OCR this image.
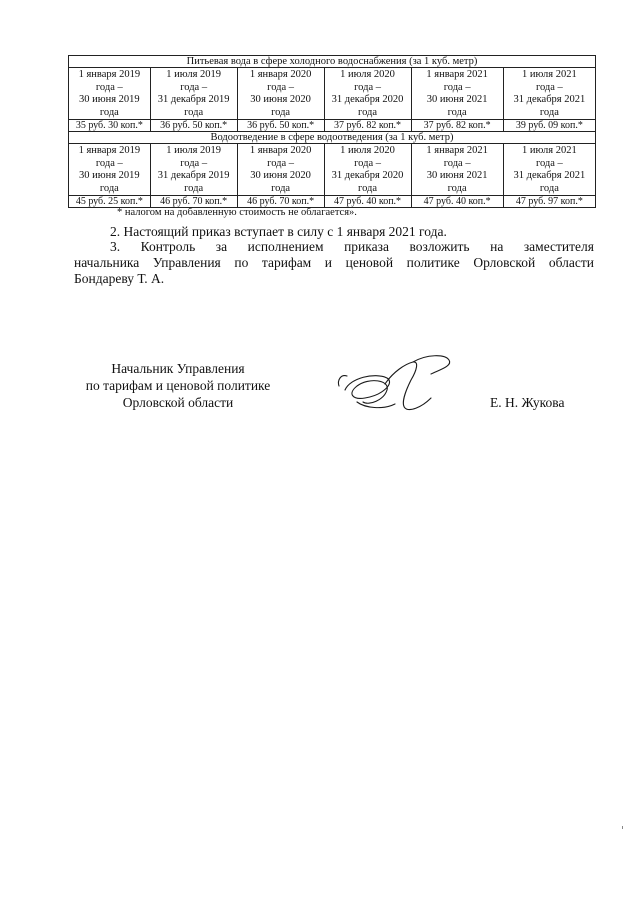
Питьевая вода в сфере холодного водоснабжения (за 1 куб. метр)					

1 января 2019
года –
30 июня 2019
года	1 июля 2019
года –
31 декабря 2019
года	1 января 2020
года –
30 июня 2020
года	1 июля 2020
года –
31 декабря 2020
года	1 января 2021
года –
30 июня 2021
года	1 июля 2021
года –
31 декабря 2021
года

35 руб. 30 коп.*	36 руб. 50 коп.*	36 руб. 50 коп.*	37 руб. 82 коп.*	37 руб. 82 коп.*	39 руб. 09 коп.*
Водоотведение в сфере водоотведения (за 1 куб. метр)					

1 января 2019
года –
30 июня 2019
года	1 июля 2019
года –
31 декабря 2019
года	1 января 2020
года –
30 июня 2020
года	1 июля 2020
года –
31 декабря 2020
года	1 января 2021
года –
30 июня 2021
года	1 июля 2021
года –
31 декабря 2021
года

45 руб. 25 коп.*	46 руб. 70 коп.*	46 руб. 70 коп.*	47 руб. 40 коп.*	47 руб. 40 коп.*	47 руб. 97 коп.*
* налогом на добавленную стоимость не облагается».
2. Настоящий приказ вступает в силу с 1 января 2021 года.
3. Контроль за исполнением приказа возложить на заместителя
начальника Управления по тарифам и ценовой политике Орловской области
Бондареву Т. А.
Начальник Управления
по тарифам и ценовой политике
Орловской области	Е. Н. Жукова
